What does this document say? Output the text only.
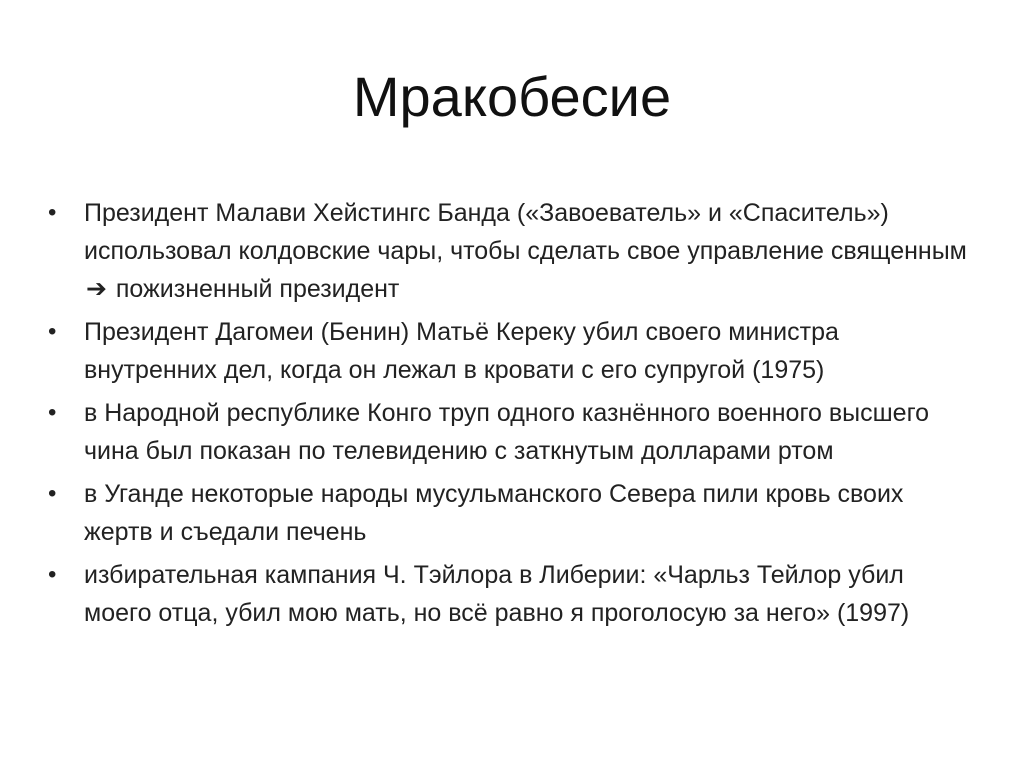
Мракобесие
• Президент Малави Хейстингс Банда («Завоеватель» и «Спаситель») использовал колдовские чары, чтобы сделать свое управление священным ➔ пожизненный президент
• Президент Дагомеи (Бенин) Матьё Кереку убил своего министра внутренних дел, когда он лежал в кровати с его супругой (1975)
• в Народной республике Конго труп одного казнённого военного высшего чина был показан по телевидению с заткнутым долларами ртом
• в Уганде некоторые народы мусульманского Севера пили кровь своих жертв и съедали печень
• избирательная кампания Ч. Тэйлора в Либерии: «Чарльз Тейлор убил моего отца, убил мою мать, но всё равно я проголосую за него» (1997)
